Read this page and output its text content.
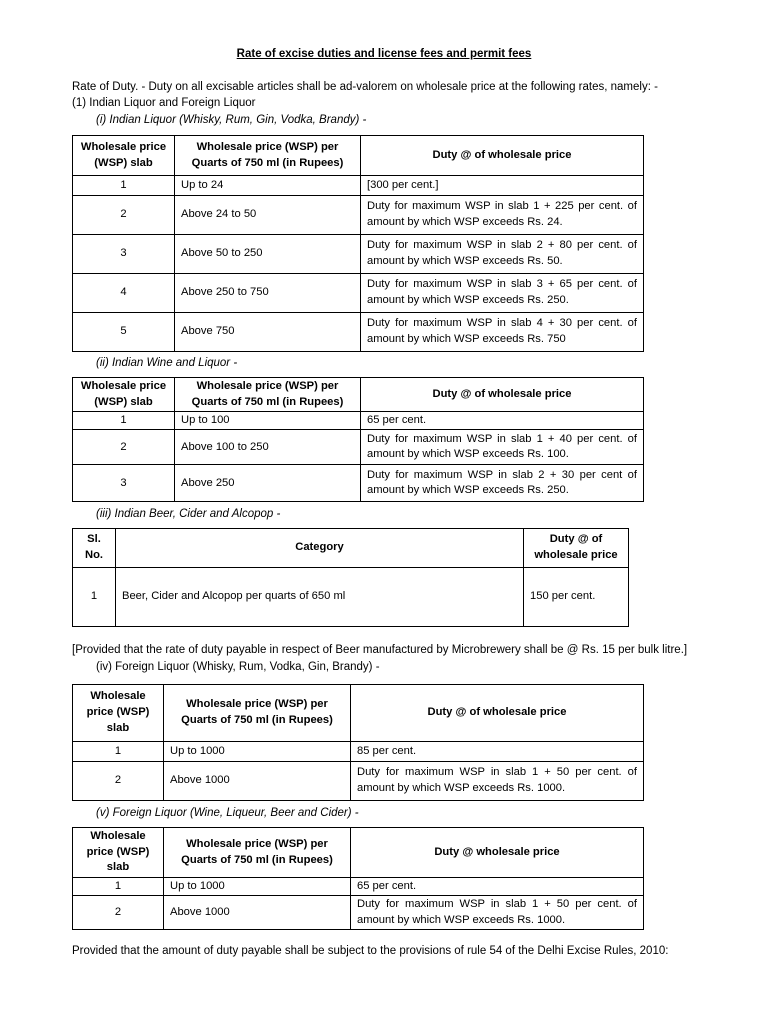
Rate of excise duties and license fees and permit fees
Rate of Duty. - Duty on all excisable articles shall be ad-valorem on wholesale price at the following rates, namely: -
(1) Indian Liquor and Foreign Liquor
(i) Indian Liquor (Whisky, Rum, Gin, Vodka, Brandy) -
Wholesale price (WSP) slab	Wholesale price (WSP) per Quarts of 750 ml (in Rupees)	Duty @ of wholesale price
1	Up to 24	[300 per cent.]
2	Above 24 to 50	Duty for maximum WSP in slab 1 + 225 per cent. of amount by which WSP exceeds Rs. 24.
3	Above 50 to 250	Duty for maximum WSP in slab 2 + 80 per cent. of amount by which WSP exceeds Rs. 50.
4	Above 250 to 750	Duty for maximum WSP in slab 3 + 65 per cent. of amount by which WSP exceeds Rs. 250.
5	Above 750	Duty for maximum WSP in slab 4 + 30 per cent. of amount by which WSP exceeds Rs. 750
(ii) Indian Wine and Liquor -
Wholesale price (WSP) slab	Wholesale price (WSP) per Quarts of 750 ml (in Rupees)	Duty @ of wholesale price
1	Up to 100	65 per cent.
2	Above 100 to 250	Duty for maximum WSP in slab 1 + 40 per cent. of amount by which WSP exceeds Rs. 100.
3	Above 250	Duty for maximum WSP in slab 2 + 30 per cent of amount by which WSP exceeds Rs. 250.
(iii) Indian Beer, Cider and Alcopop -
Sl. No.	Category	Duty @ of wholesale price
1	Beer, Cider and Alcopop per quarts of 650 ml	150 per cent.
[Provided that the rate of duty payable in respect of Beer manufactured by Microbrewery shall be @ Rs. 15 per bulk litre.]
(iv) Foreign Liquor (Whisky, Rum, Vodka, Gin, Brandy) -
Wholesale price (WSP) slab	Wholesale price (WSP) per Quarts of 750 ml (in Rupees)	Duty @ of wholesale price
1	Up to 1000	85 per cent.
2	Above 1000	Duty for maximum WSP in slab 1 + 50 per cent. of amount by which WSP exceeds Rs. 1000.
(v) Foreign Liquor (Wine, Liqueur, Beer and Cider) -
Wholesale price (WSP) slab	Wholesale price (WSP) per Quarts of 750 ml (in Rupees)	Duty @ wholesale price
1	Up to 1000	65 per cent.
2	Above 1000	Duty for maximum WSP in slab 1 + 50 per cent. of amount by which WSP exceeds Rs. 1000.
Provided that the amount of duty payable shall be subject to the provisions of rule 54 of the Delhi Excise Rules, 2010:
